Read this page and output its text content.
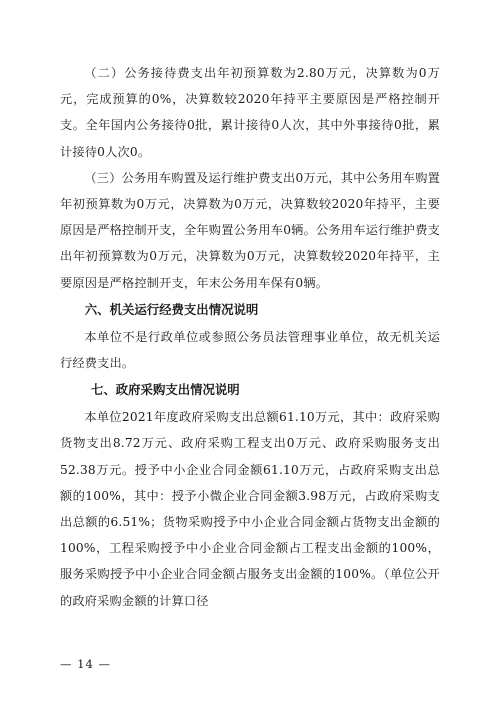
（二）公务接待费支出年初预算数为2.80万元，决算数为0万元，完成预算的0%，决算数较2020年持平主要原因是严格控制开支。全年国内公务接待0批，累计接待0人次，其中外事接待0批，累计接待0人次0。

（三）公务用车购置及运行维护费支出0万元，其中公务用车购置年初预算数为0万元，决算数为0万元，决算数较2020年持平，主要原因是严格控制开支，全年购置公务用车0辆。公务用车运行维护费支出年初预算数为0万元，决算数为0万元，决算数较2020年持平，主要原因是严格控制开支，年末公务用车保有0辆。

六、机关运行经费支出情况说明

本单位不是行政单位或参照公务员法管理事业单位，故无机关运行经费支出。

七、政府采购支出情况说明

本单位2021年度政府采购支出总额61.10万元，其中：政府采购货物支出8.72万元、政府采购工程支出0万元、政府采购服务支出52.38万元。授予中小企业合同金额61.10万元，占政府采购支出总额的100%，其中：授予小微企业合同金额3.98万元，占政府采购支出总额的6.51%；货物采购授予中小企业合同金额占货物支出金额的100%，工程采购授予中小企业合同金额占工程支出金额的100%，服务采购授予中小企业合同金额占服务支出金额的100%。（单位公开的政府采购金额的计算口径

— 14 —
